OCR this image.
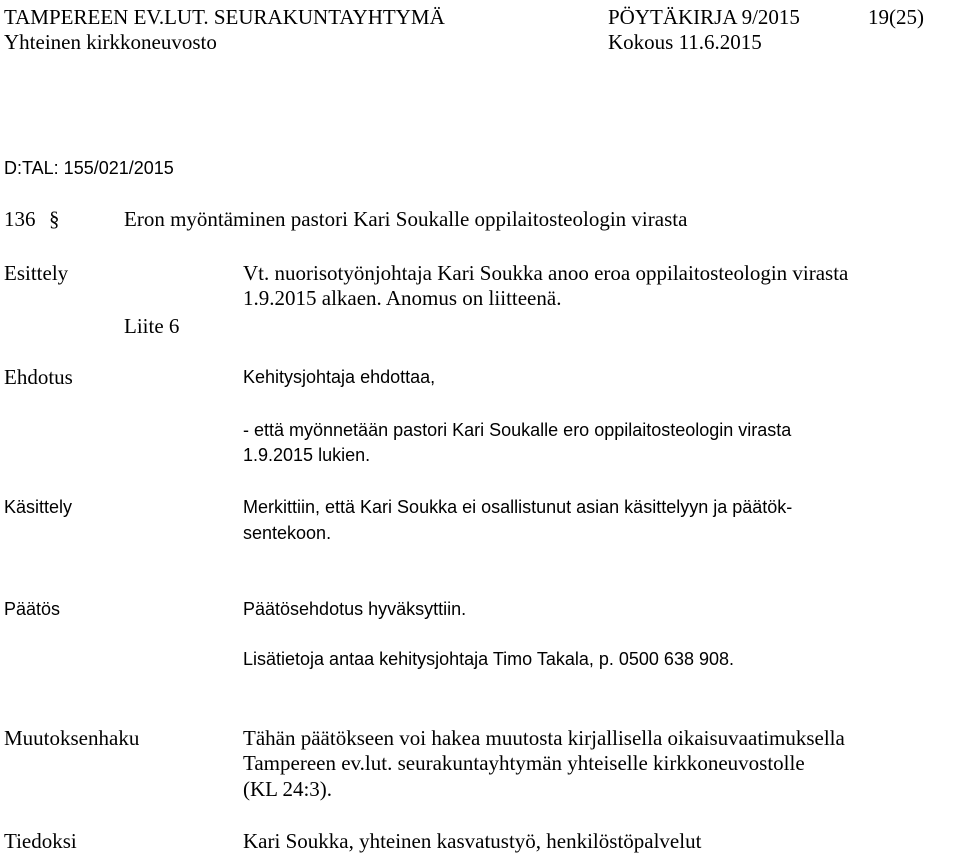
TAMPEREEN EV.LUT. SEURAKUNTAYHTYMÄ	PÖYTÄKIRJA 9/2015	19(25)
Yhteinen kirkkoneuvosto	Kokous 11.6.2015
D:TAL: 155/021/2015
136 §	Eron myöntäminen pastori Kari Soukalle oppilaitosteologin virasta
Esittely	Vt. nuorisotyönjohtaja Kari Soukka anoo eroa oppilaitosteologin virasta
1.9.2015 alkaen. Anomus on liitteenä.
Liite 6
Ehdotus	Kehitysjohtaja ehdottaa,
- että myönnetään pastori Kari Soukalle ero oppilaitosteologin virasta
1.9.2015 lukien.
Käsittely	Merkittiin, että Kari Soukka ei osallistunut asian käsittelyyn ja päätök-
sentekoon.
Päätös	Päätösehdotus hyväksyttiin.
Lisätietoja antaa kehitysjohtaja Timo Takala, p. 0500 638 908.
Muutoksenhaku	Tähän päätökseen voi hakea muutosta kirjallisella oikaisuvaatimuksella
Tampereen ev.lut. seurakuntayhtymän yhteiselle kirkkoneuvostolle
(KL 24:3).
Tiedoksi	Kari Soukka, yhteinen kasvatustyö, henkilöstöpalvelut
